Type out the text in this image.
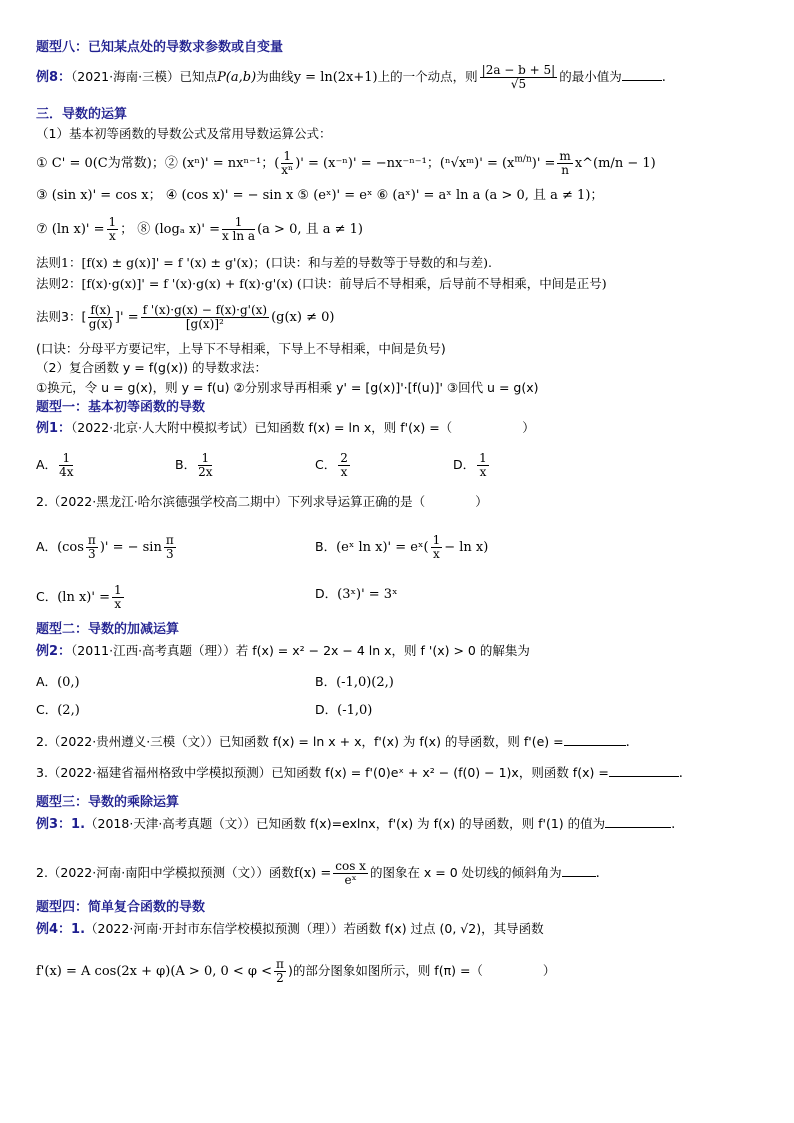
题型八：已知某点处的导数求参数或自变量
例8：（2021·海南·三模）已知点P(a,b)为曲线y = ln(2x+1)上的一个动点，则 $\frac{|2a - b + 5|}{√5}$ 的最小值为	.
三．导数的运算
（1）基本初等函数的导数公式及常用导数运算公式：
① C' = 0(C为常数)；② (xⁿ)' = nxⁿ⁻¹；( $\frac{1}{\text{xⁿ}}$ )' = (x⁻ⁿ)' = −nx⁻ⁿ⁻¹；(ⁿ√xᵐ)' = $(x^{m/n})' = \frac{m}{n}$ x^(m/n − 1)
③ (sin x)' = cos x； ④ (cos x)' = − sin x ⑤ (eˣ)' = eˣ ⑥ (aˣ)' = aˣ ln a (a > 0, 且 a ≠ 1)；
⑦ (ln $x)' = \frac{1}{x}$ ； ⑧ (logₐ $x)' = \frac{1}{\text{x ln a}} (a > 0$, 且 a ≠ 1)
法则1：[f(x) ± g(x)]' = f '(x) ± g'(x)；(口诀：和与差的导数等于导数的和与差).
法则2：[f(x)·g(x)]' = f '(x)·g(x) + f(x)·g'(x) (口诀：前导后不导相乘，后导前不导相乘，中间是正号)
法则3：[ $\frac{f(x)}{g(x)}$ ]' = $\frac{f '(x)\cdot g(x) - f(x)\cdot g'(x)}{\text{[g(x)]²}} (g(x) \ne 0)$
(口诀：分母平方要记牢，上导下不导相乘，下导上不导相乘，中间是负号)
（2）复合函数 y = f(g(x)) 的导数求法：
①换元，令 u = g(x)，则 y = f(u) ②分别求导再相乘 y' = [g(x)]'·[f(u)]' ③回代 u = g(x)
题型一：基本初等函数的导数
例1：（2022·北京·人大附中模拟考试）已知函数 f(x) = ln x，则 f'(x) =（	）
A． $\frac{1}{4x}$	B． $\frac{1}{2x}$	C． $\frac{2}{x}$	D． $\frac{1}{x}$
2.（2022·黑龙江·哈尔滨德强学校高二期中）下列求导运算正确的是（	）
A．($\cos \frac{\pi}{3}$ )' = − $\sin \frac{\pi}{3}$	B．(eˣ ln x)' = eˣ( $\frac{1}{x} - \ln x$)
C．(ln $x)' = \frac{1}{x}$	D．(3ˣ)' = 3ˣ
题型二：导数的加减运算
例2：（2011·江西·高考真题（理））若 f(x) = x² − 2x − 4 ln x，则 f '(x) > 0 的解集为
A．(0,)	B．(-1,0)(2,)
C．(2,)	D．(-1,0)
2.（2022·贵州遵义·三模（文））已知函数 f(x) = ln x + x，f'(x) 为 f(x) 的导函数，则 f'(e) =	.
3.（2022·福建省福州格致中学模拟预测）已知函数 f(x) = f'(0)eˣ + x² − (f(0) − 1)x，则函数 f(x) =	.
题型三：导数的乘除运算
例3：1.（2018·天津·高考真题（文））已知函数 f(x)=exlnx，f'(x) 为 f(x) 的导函数，则 f'(1) 的值为	.
2.（2022·河南·南阳中学模拟预测（文））函数$f(x) = \frac{\text{cos x}}{\text{eˣ}}$ 的图象在 x = 0 处切线的倾斜角为	.
题型四：简单复合函数的导数
例4：1.（2022·河南·开封市东信学校模拟预测（理））若函数 f(x) 过点 (0, √2)，其导函数
f'(x) = A cos(2x + φ)(A > 0, $0 < \varphi < \frac{\pi}{2}$ )的部分图象如图所示，则 f(π) =（	）
